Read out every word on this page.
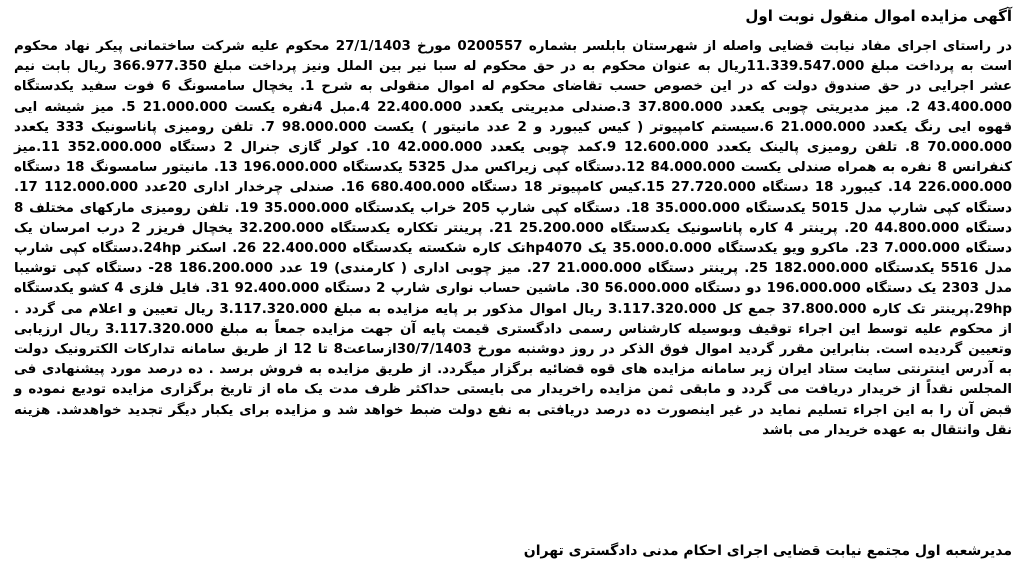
آگهی مزایده اموال منقول نوبت اول

در راستای اجرای مفاد نیابت قضایی واصله از شهرستان بابلسر بشماره 0200557 مورخ 27/1/1403 محکوم علیه شرکت ساختمانی پیکر نهاد محکوم است به پرداخت مبلغ 11.339.547.000ریال به عنوان محکوم به در حق محکوم له سبا نیر بین الملل ونیز پرداخت مبلغ 366.977.350 ریال بابت نیم عشر اجرایی در حق صندوق دولت که در این خصوص حسب تقاضای محکوم له اموال منقولی به شرح 1. یخچال سامسونگ 6 فوت سفید یکدستگاه 43.400.000 2. میز مدیریتی چوبی یکعدد 37.800.000 3.صندلی مدیریتی یکعدد 22.400.000 4.مبل 4نفره یکست 21.000.000 5. میز شیشه ایی قهوه ایی رنگ یکعدد 21.000.000 6.سیستم کامپیوتر ( کیس کیبورد و 2 عدد مانیتور ) یکست 98.000.000 7. تلفن رومیزی پاناسونیک 333 یکعدد 70.000.000 8. تلفن رومیزی پالینک یکعدد 12.600.000 9.کمد چوبی یکعدد 42.000.000 10. کولر گازی جنرال 2 دستگاه 352.000.000 11.میز کنفرانس 8 نفره به همراه صندلی یکست 84.000.000 12.دستگاه کپی زیراکس مدل 5325 یکدستگاه 196.000.000 13. مانیتور سامسونگ 18 دستگاه 226.000.000 14. کیبورد 18 دستگاه 27.720.000 15.کیس کامپیوتر 18 دستگاه 680.400.000 16. صندلی چرخدار اداری 20عدد 112.000.000 17. دستگاه کپی شارپ مدل 5015 یکدستگاه 35.000.000 18. دستگاه کپی شارپ 205 خراب یکدستگاه 35.000.000 19. تلفن رومیزی مارکهای مختلف 8 دستگاه 44.800.000 20. پرینتر 4 کاره پاناسونیک یکدستگاه 25.200.000 21. پرینتر تککاره یکدستگاه 32.200.000 یخچال فریزر 2 درب امرسان یک دستگاه 7.000.000 23. ماکرو ویو یکدستگاه 35.000.0.000 یک hp4070تک کاره شکسته یکدستگاه 22.400.000 26. اسکنر 24hp.دستگاه کپی شارپ مدل 5516 یکدستگاه 182.000.000 25. پرینتر دستگاه 21.000.000 27. میز چوبی اداری ( کارمندی) 19 عدد 186.200.000 28- دستگاه کپی توشیبا مدل 2303 یک دستگاه 196.000.000 دو دستگاه 56.000.000 30. ماشین حساب نواری شارپ 2 دستگاه 92.400.000 31. فایل فلزی 4 کشو یکدستگاه 29hp.پرینتر تک کاره 37.800.000 جمع کل 3.117.320.000 ریال اموال مذکور بر پایه مزایده به مبلغ 3.117.320.000 ریال تعیین و اعلام می گردد . از محکوم علیه توسط این اجراء توقیف وبوسیله کارشناس رسمی دادگستری قیمت پایه آن جهت مزایده جمعاً به مبلغ 3.117.320.000 ریال ارزیابی وتعیین گردیده است. بنابراین مقرر گردید اموال فوق الذکر در روز دوشنبه مورخ 30/7/1403ازساعت8 تا 12 از طریق سامانه تدارکات الکترونیک دولت به آدرس اینترنتی سایت ستاد ایران زیر سامانه مزایده های قوه قضائیه برگزار میگردد. از طریق مزایده به فروش برسد . ده درصد مورد پیشنهادی فی المجلس نقداً از خریدار دریافت می گردد و مابقی ثمن مزایده راخریدار می بایستی حداکثر ظرف مدت یک ماه از تاریخ برگزاری مزایده تودیع نموده و قبض آن را به این اجراء تسلیم نماید در غیر اینصورت ده درصد دریافتی به نفع دولت ضبط خواهد شد و مزایده برای یکبار دیگر تجدید خواهدشد. هزینه نقل وانتقال به عهده خریدار می باشد

مدیرشعبه اول مجتمع نیابت قضایی اجرای احکام مدنی دادگستری تهران
